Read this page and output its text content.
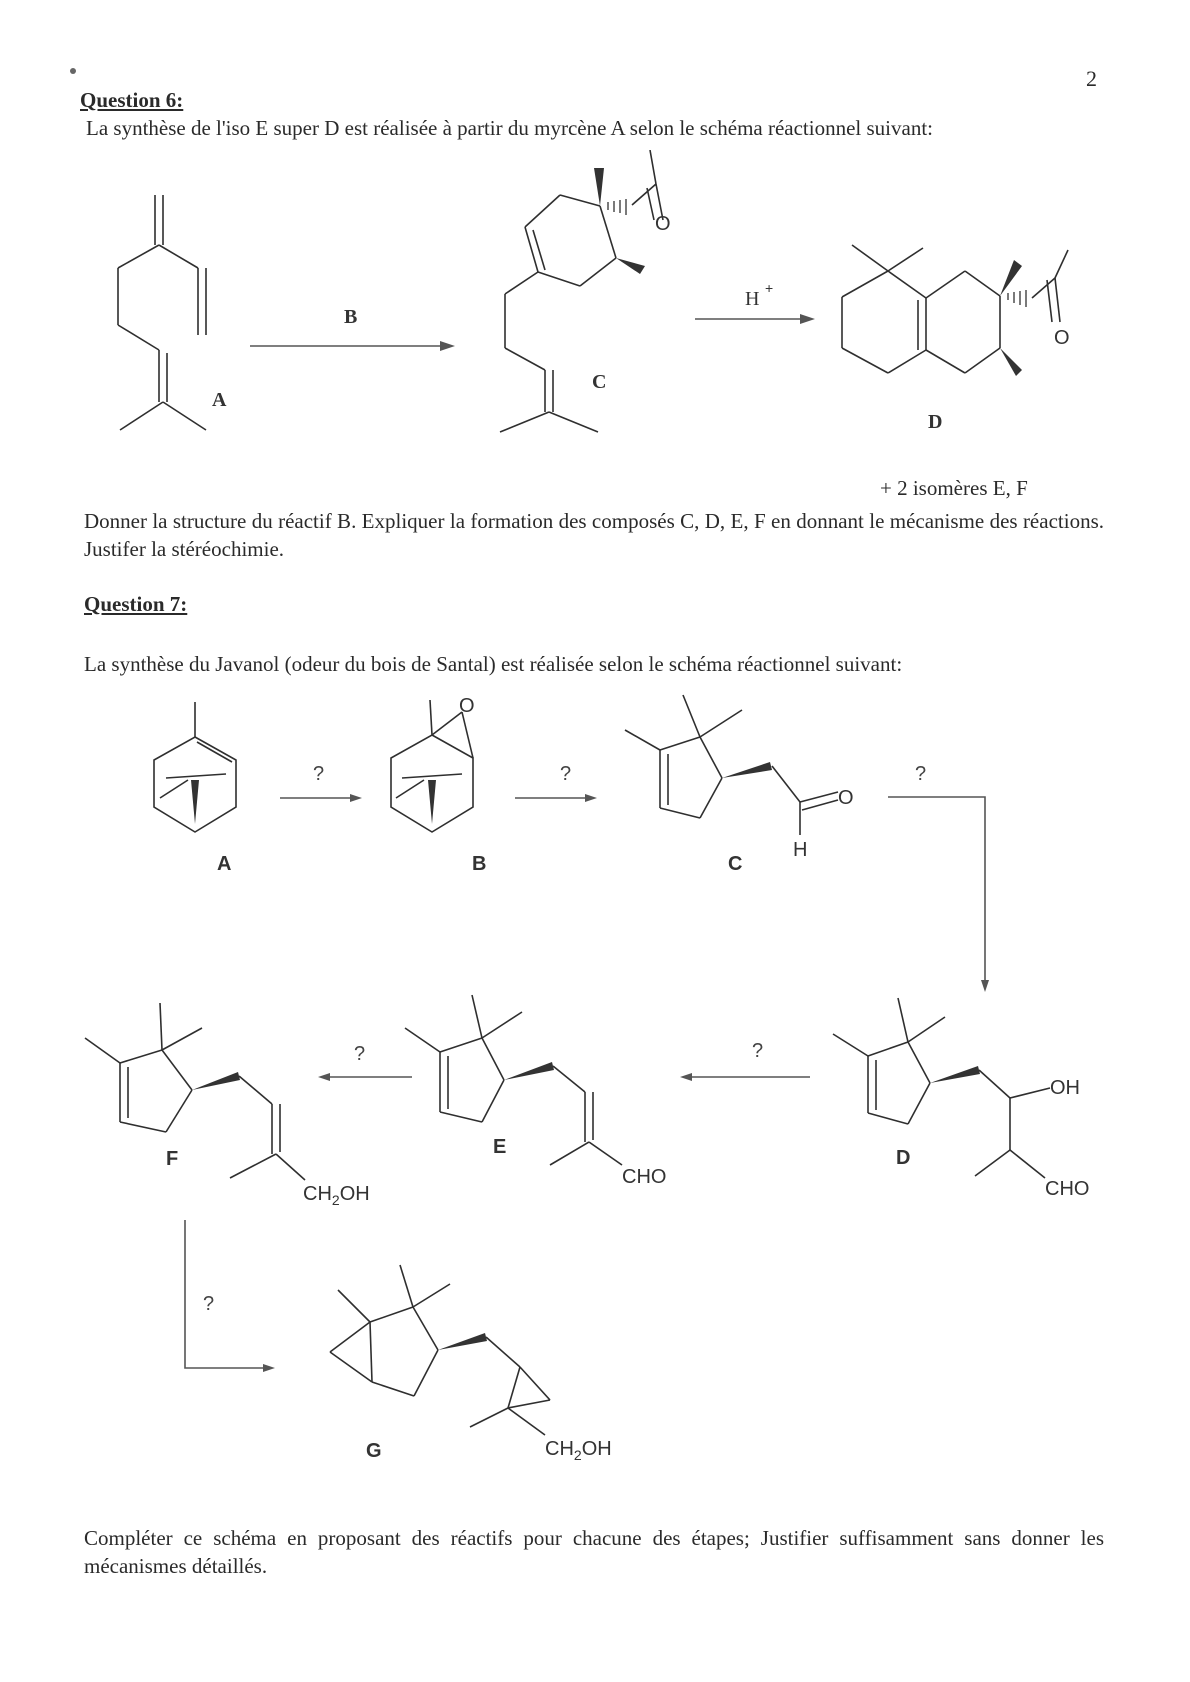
2
Question 6:
La synthèse de l'iso E super D est réalisée à partir du myrcène A selon le schéma réactionnel suivant:
A
B
O
C
H +
O
D
+ 2 isomères E, F
Donner la structure du réactif B. Expliquer la formation des composés C, D, E, F en donnant le mécanisme des réactions. Justifer la stéréochimie.
Question 7:
La synthèse du Javanol (odeur du bois de Santal) est réalisée selon le schéma réactionnel suivant:
A
?
O
B
?
O
H
C
?
OH
CHO
D
?
CHO
E
?
$CH_2OH$
F
?
$CH_2OH$
G
Compléter ce schéma en proposant des réactifs pour chacune des étapes; Justifier suffisamment sans donner les mécanismes détaillés.
